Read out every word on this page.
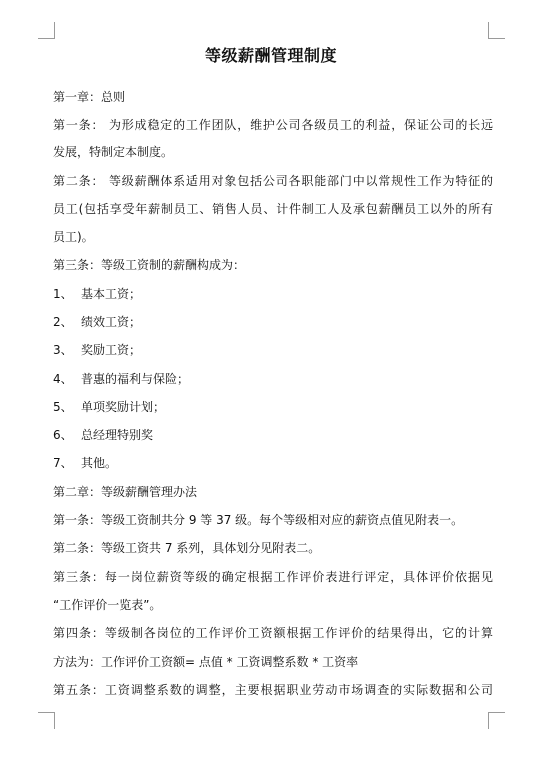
等级薪酬管理制度
第一章：总则
第一条： 为形成稳定的工作团队，维护公司各级员工的利益，保证公司的长远
发展，特制定本制度。
第二条： 等级薪酬体系适用对象包括公司各职能部门中以常规性工作为特征的
员工(包括享受年薪制员工、销售人员、计件制工人及承包薪酬员工以外的所有
员工)。
第三条：等级工资制的薪酬构成为：
1、 基本工资；
2、 绩效工资；
3、 奖励工资；
4、 普惠的福利与保险；
5、 单项奖励计划；
6、 总经理特别奖
7、 其他。
第二章：等级薪酬管理办法
第一条：等级工资制共分 9 等 37 级。每个等级相对应的薪资点值见附表一。
第二条：等级工资共 7 系列，具体划分见附表二。
第三条：每一岗位薪资等级的确定根据工作评价表进行评定，具体评价依据见
“工作评价一览表”。
第四条：等级制各岗位的工作评价工资额根据工作评价的结果得出，它的计算
方法为：工作评价工资额= 点值 * 工资调整系数 * 工资率
第五条：工资调整系数的调整，主要根据职业劳动市场调查的实际数据和公司
